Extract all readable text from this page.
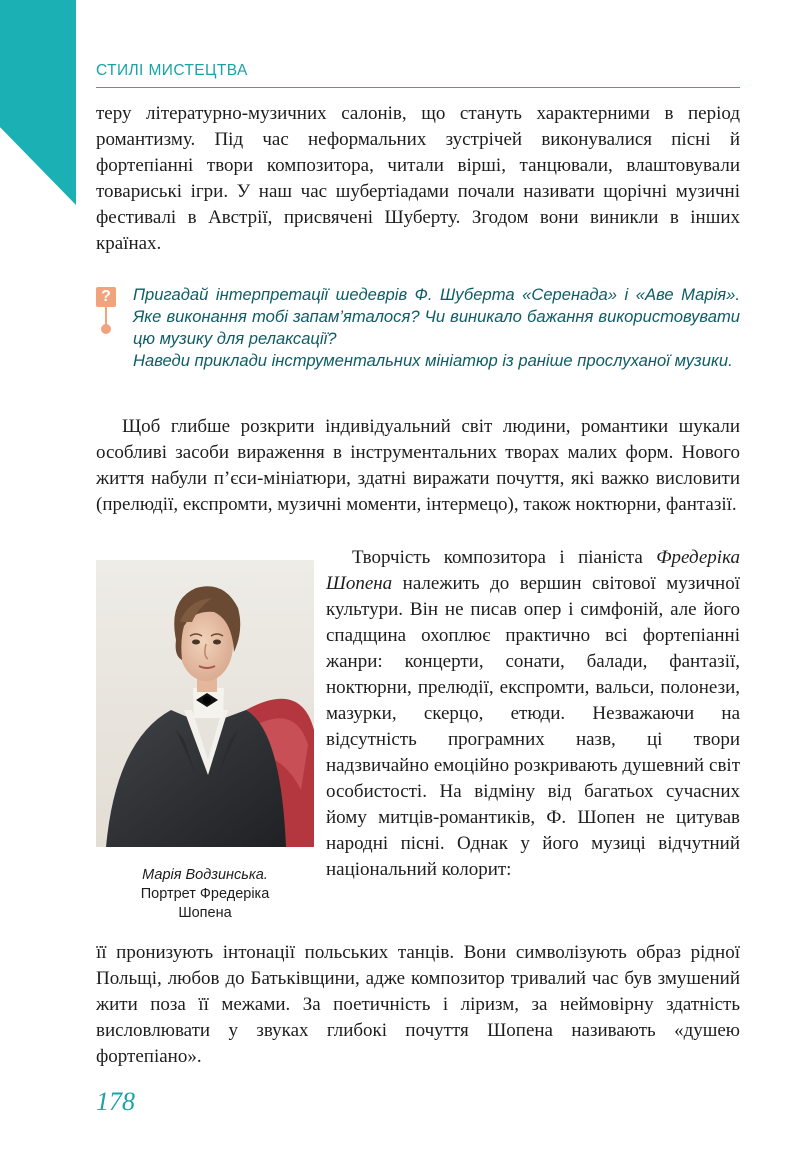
СТИЛІ МИСТЕЦТВА

теру літературно-музичних салонів, що стануть характерними в період романтизму. Під час неформальних зустрічей виконувалися пісні й фортепіанні твори композитора, читали вірші, танцювали, влаштовували товариські ігри. У наш час шубертіадами почали називати щорічні музичні фестивалі в Австрії, присвячені Шуберту. Згодом вони виникли в інших країнах.

?	Пригадай інтерпретації шедеврів Ф. Шуберта «Серенада» і «Аве Марія». Яке виконання тобі запам’яталося? Чи виникало бажання використовувати цю музику для релаксації?
Наведи приклади інструментальних мініатюр із раніше прослуханої музики.

Щоб глибше розкрити індивідуальний світ людини, романтики шукали особливі засоби вираження в інструментальних творах малих форм. Нового життя набули п’єси-мініатюри, здатні виражати почуття, які важко висловити (прелюдії, експромти, музичні моменти, інтермецо), також ноктюрни, фантазії.

Марія Водзинська.
Портрет Фредеріка
Шопена

Творчість композитора і піаніста Фредеріка Шопена належить до вершин світової музичної культури. Він не писав опер і симфоній, але його спадщина охоплює практично всі фортепіанні жанри: концерти, сонати, балади, фантазії, ноктюрни, прелюдії, експромти, вальси, полонези, мазурки, скерцо, етюди. Незважаючи на відсутність програмних назв, ці твори надзвичайно емоційно розкривають душевний світ особистості. На відміну від багатьох сучасних йому митців-романтиків, Ф. Шопен не цитував народні пісні. Однак у його музиці відчутний національний колорит:

її пронизують інтонації польських танців. Вони символізують образ рідної Польщі, любов до Батьківщини, адже композитор тривалий час був змушений жити поза її межами. За поетичність і ліризм, за неймовірну здатність висловлювати у звуках глибокі почуття Шопена називають «душею фортепіано».

178
